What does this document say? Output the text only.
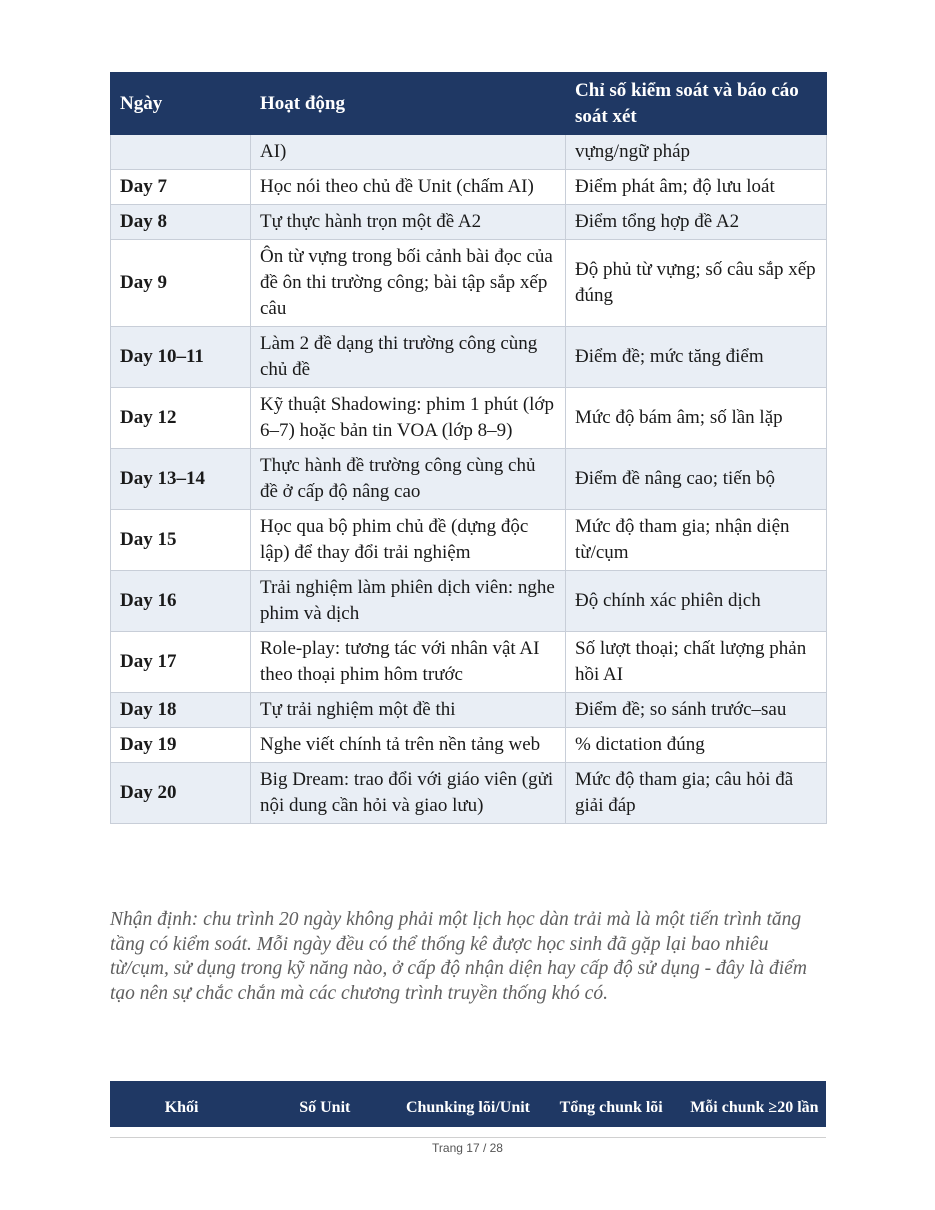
Ngày	Hoạt động	Chỉ số kiểm soát và báo cáo soát xét
	AI)	vựng/ngữ pháp
Day 7	Học nói theo chủ đề Unit (chấm AI)	Điểm phát âm; độ lưu loát
Day 8	Tự thực hành trọn một đề A2	Điểm tổng hợp đề A2
Day 9	Ôn từ vựng trong bối cảnh bài đọc của đề ôn thi trường công; bài tập sắp xếp câu	Độ phủ từ vựng; số câu sắp xếp đúng
Day 10–11	Làm 2 đề dạng thi trường công cùng chủ đề	Điểm đề; mức tăng điểm
Day 12	Kỹ thuật Shadowing: phim 1 phút (lớp 6–7) hoặc bản tin VOA (lớp 8–9)	Mức độ bám âm; số lần lặp
Day 13–14	Thực hành đề trường công cùng chủ đề ở cấp độ nâng cao	Điểm đề nâng cao; tiến bộ
Day 15	Học qua bộ phim chủ đề (dựng độc lập) để thay đổi trải nghiệm	Mức độ tham gia; nhận diện từ/cụm
Day 16	Trải nghiệm làm phiên dịch viên: nghe phim và dịch	Độ chính xác phiên dịch
Day 17	Role-play: tương tác với nhân vật AI theo thoại phim hôm trước	Số lượt thoại; chất lượng phản hồi AI
Day 18	Tự trải nghiệm một đề thi	Điểm đề; so sánh trước–sau
Day 19	Nghe viết chính tả trên nền tảng web	% dictation đúng
Day 20	Big Dream: trao đổi với giáo viên (gửi nội dung cần hỏi và giao lưu)	Mức độ tham gia; câu hỏi đã giải đáp

Nhận định: chu trình 20 ngày không phải một lịch học dàn trải mà là một tiến trình tăng tầng có kiểm soát. Mỗi ngày đều có thể thống kê được học sinh đã gặp lại bao nhiêu từ/cụm, sử dụng trong kỹ năng nào, ở cấp độ nhận diện hay cấp độ sử dụng - đây là điểm tạo nên sự chắc chắn mà các chương trình truyền thống khó có.

Khối	Số Unit	Chunking lõi/Unit	Tổng chunk lõi	Mỗi chunk ≥20 lần
Trang 17 / 28
